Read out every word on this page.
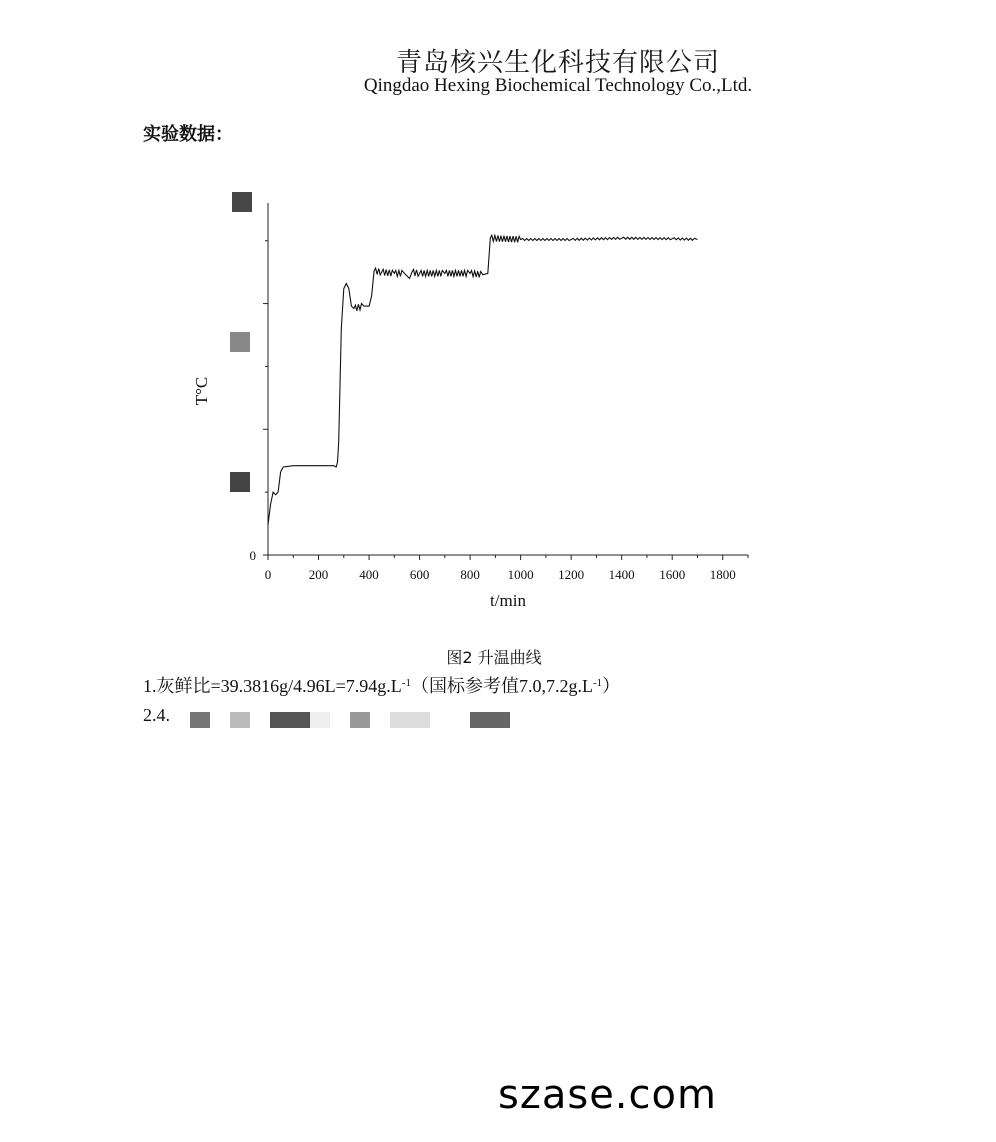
青岛核兴生化科技有限公司
Qingdao Hexing Biochemical Technology Co.,Ltd.
实验数据：
0	200 400 600 800 1000 1200 1400 1600 1800
0
T°C
t/min
图2 升温曲线
1.灰鲜比$=39.3816g/4.96L=7.94g.L^{-1}$（国标参考值$7.0,7.2g.L^{-1}$）
2.4.
szase.com
